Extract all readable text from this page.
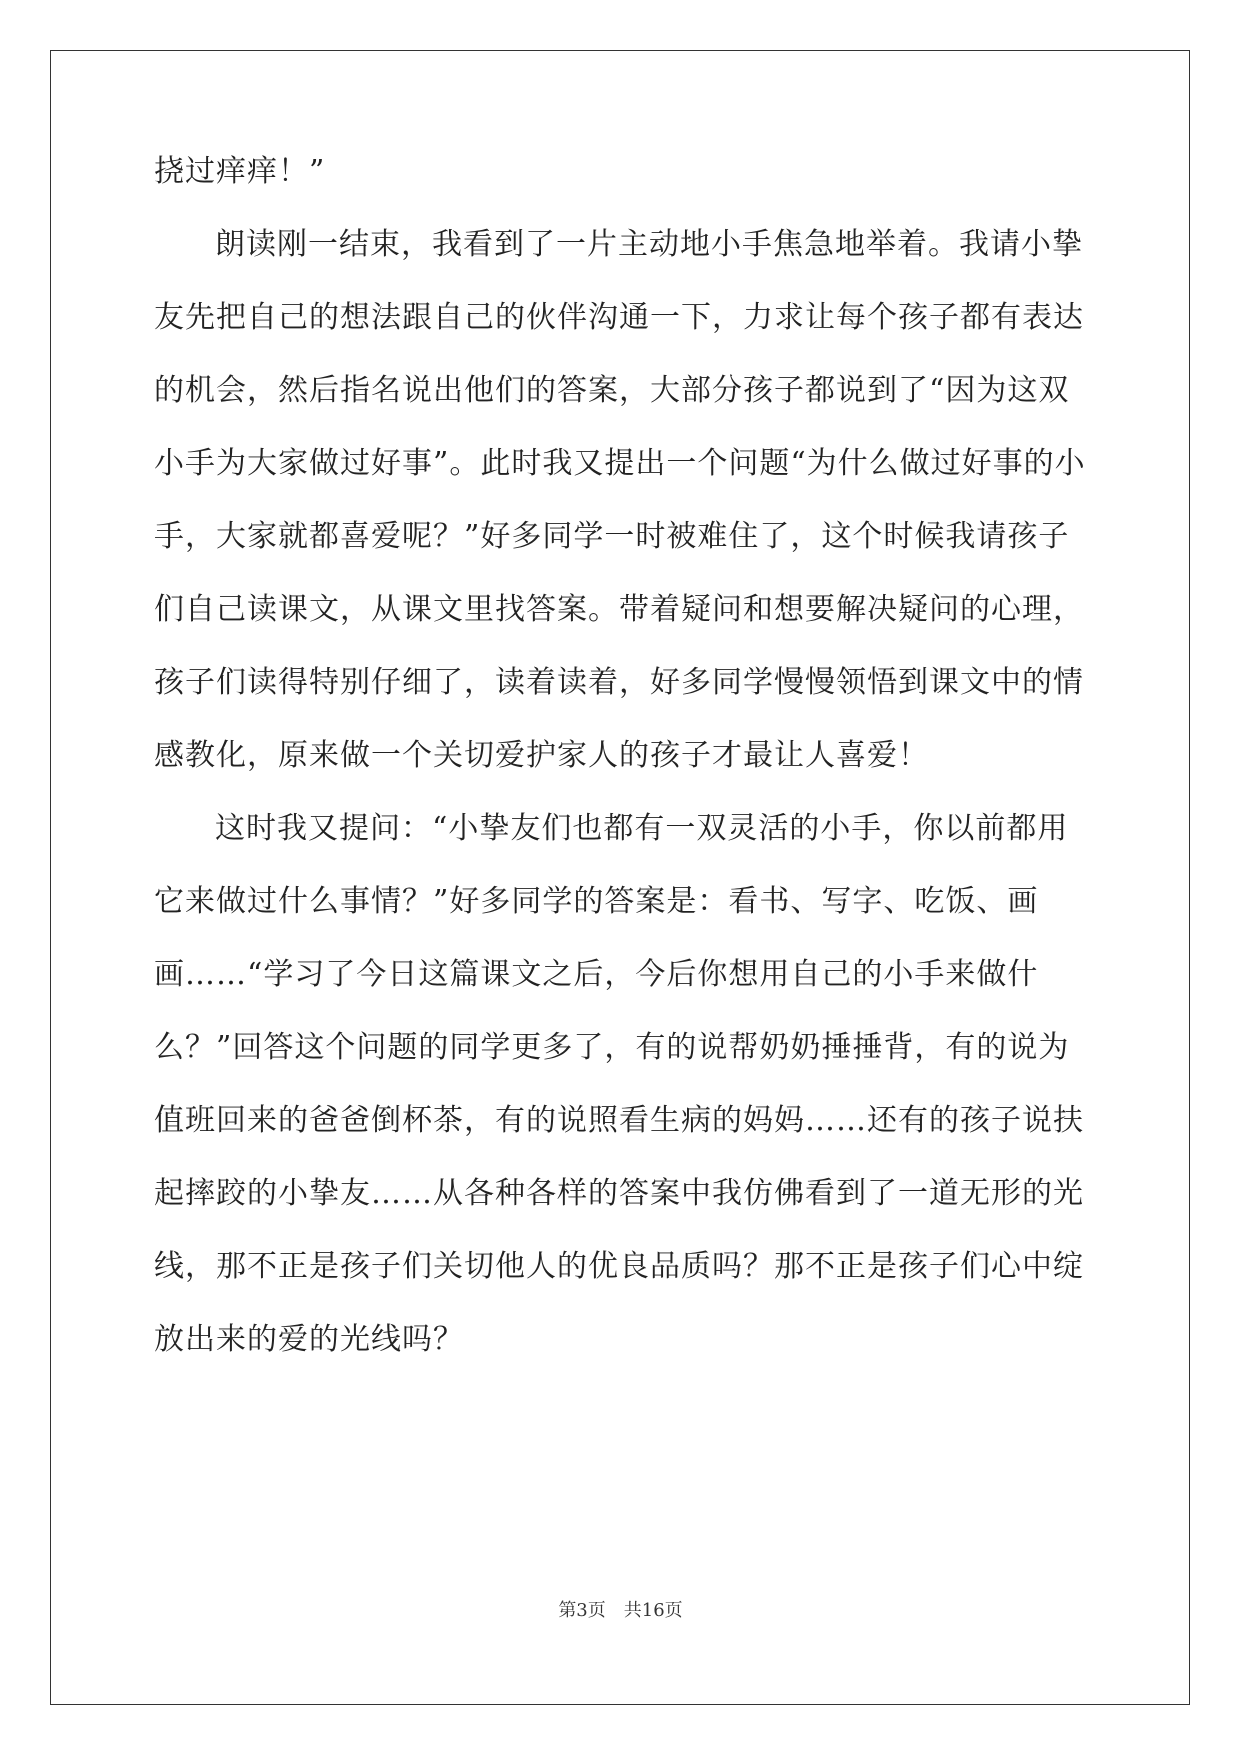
挠过痒痒！”
朗读刚一结束，我看到了一片主动地小手焦急地举着。我请小挚
友先把自己的想法跟自己的伙伴沟通一下，力求让每个孩子都有表达
的机会，然后指名说出他们的答案，大部分孩子都说到了“因为这双
小手为大家做过好事”。此时我又提出一个问题“为什么做过好事的小
手，大家就都喜爱呢？”好多同学一时被难住了，这个时候我请孩子
们自己读课文，从课文里找答案。带着疑问和想要解决疑问的心理，
孩子们读得特别仔细了，读着读着，好多同学慢慢领悟到课文中的情
感教化，原来做一个关切爱护家人的孩子才最让人喜爱！
这时我又提问：“小挚友们也都有一双灵活的小手，你以前都用
它来做过什么事情？”好多同学的答案是：看书、写字、吃饭、画
画……“学习了今日这篇课文之后，今后你想用自己的小手来做什
么？”回答这个问题的同学更多了，有的说帮奶奶捶捶背，有的说为
值班回来的爸爸倒杯茶，有的说照看生病的妈妈……还有的孩子说扶
起摔跤的小挚友……从各种各样的答案中我仿佛看到了一道无形的光
线，那不正是孩子们关切他人的优良品质吗？那不正是孩子们心中绽
放出来的爱的光线吗？
第3页 共16页
